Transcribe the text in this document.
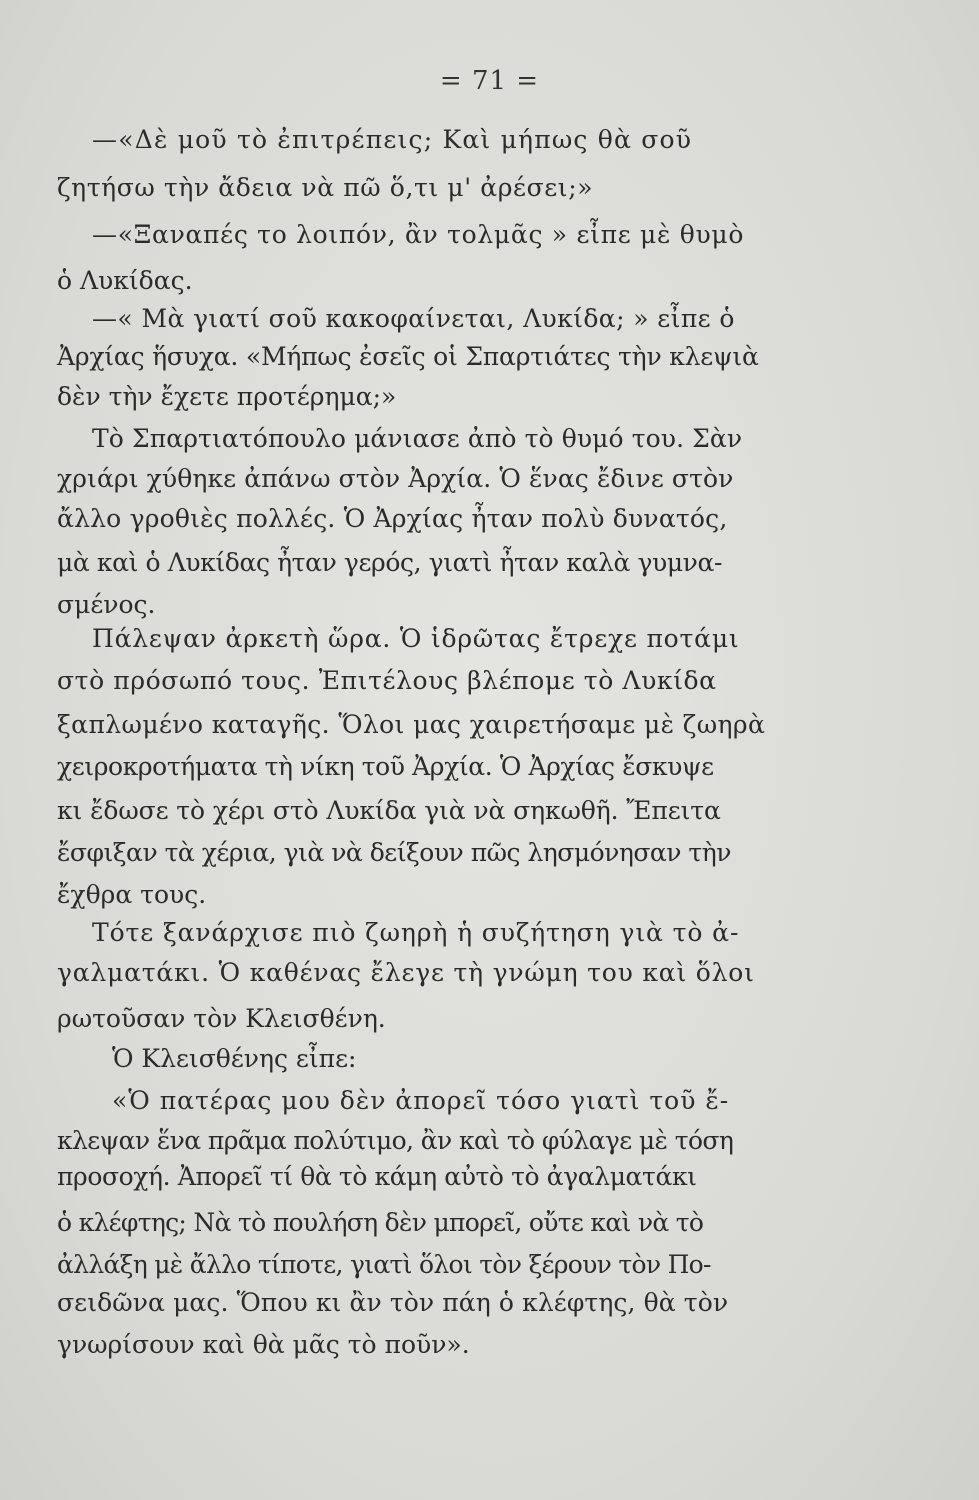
= 71 =
—«Δὲ μοῦ τὸ ἐπιτρέπεις; Καὶ μήπως θὰ σοῦ
ζητήσω τὴν ἄδεια νὰ πῶ ὅ,τι μ' ἀρέσει;»
—«Ξαναπές το λοιπόν, ἂν τολμᾶς » εἶπε μὲ θυμὸ
ὁ Λυκίδας.
—« Μὰ γιατί σοῦ κακοφαίνεται, Λυκίδα; » εἶπε ὁ
Ἀρχίας ἥσυχα. «Μήπως ἐσεῖς οἱ Σπαρτιάτες τὴν κλεψιὰ
δὲν τὴν ἔχετε προτέρημα;»
Τὸ Σπαρτιατόπουλο μάνιασε ἀπὸ τὸ θυμό του. Σὰν
χριάρι χύθηκε ἀπάνω στὸν Ἀρχία. Ὁ ἕνας ἔδινε στὸν
ἄλλο γροθιὲς πολλές. Ὁ Ἀρχίας ἦταν πολὺ δυνατός,
μὰ καὶ ὁ Λυκίδας ἦταν γερός, γιατὶ ἦταν καλὰ γυμνα-
σμένος.
Πάλεψαν ἀρκετὴ ὥρα. Ὁ ἱδρῶτας ἔτρεχε ποτάμι
στὸ πρόσωπό τους. Ἐπιτέλους βλέπομε τὸ Λυκίδα
ξαπλωμένο καταγῆς. Ὅλοι μας χαιρετήσαμε μὲ ζωηρὰ
χειροκροτήματα τὴ νίκη τοῦ Ἀρχία. Ὁ Ἀρχίας ἔσκυψε
κι ἔδωσε τὸ χέρι στὸ Λυκίδα γιὰ νὰ σηκωθῆ. Ἔπειτα
ἔσφιξαν τὰ χέρια, γιὰ νὰ δείξουν πῶς λησμόνησαν τὴν
ἔχθρα τους.
Τότε ξανάρχισε πιὸ ζωηρὴ ἡ συζήτηση γιὰ τὸ ἀ-
γαλματάκι. Ὁ καθένας ἔλεγε τὴ γνώμη του καὶ ὅλοι
ρωτοῦσαν τὸν Κλεισθένη.
Ὁ Κλεισθένης εἶπε:
«Ὁ πατέρας μου δὲν ἀπορεῖ τόσο γιατὶ τοῦ ἔ-
κλεψαν ἕνα πρᾶμα πολύτιμο, ἂν καὶ τὸ φύλαγε μὲ τόση
προσοχή. Ἀπορεῖ τί θὰ τὸ κάμη αὐτὸ τὸ ἀγαλματάκι
ὁ κλέφτης; Νὰ τὸ πουλήση δὲν μπορεῖ, οὔτε καὶ νὰ τὸ
ἀλλάξη μὲ ἄλλο τίποτε, γιατὶ ὅλοι τὸν ξέρουν τὸν Πο-
σειδῶνα μας. Ὅπου κι ἂν τὸν πάη ὁ κλέφτης, θὰ τὸν
γνωρίσουν καὶ θὰ μᾶς τὸ ποῦν».
